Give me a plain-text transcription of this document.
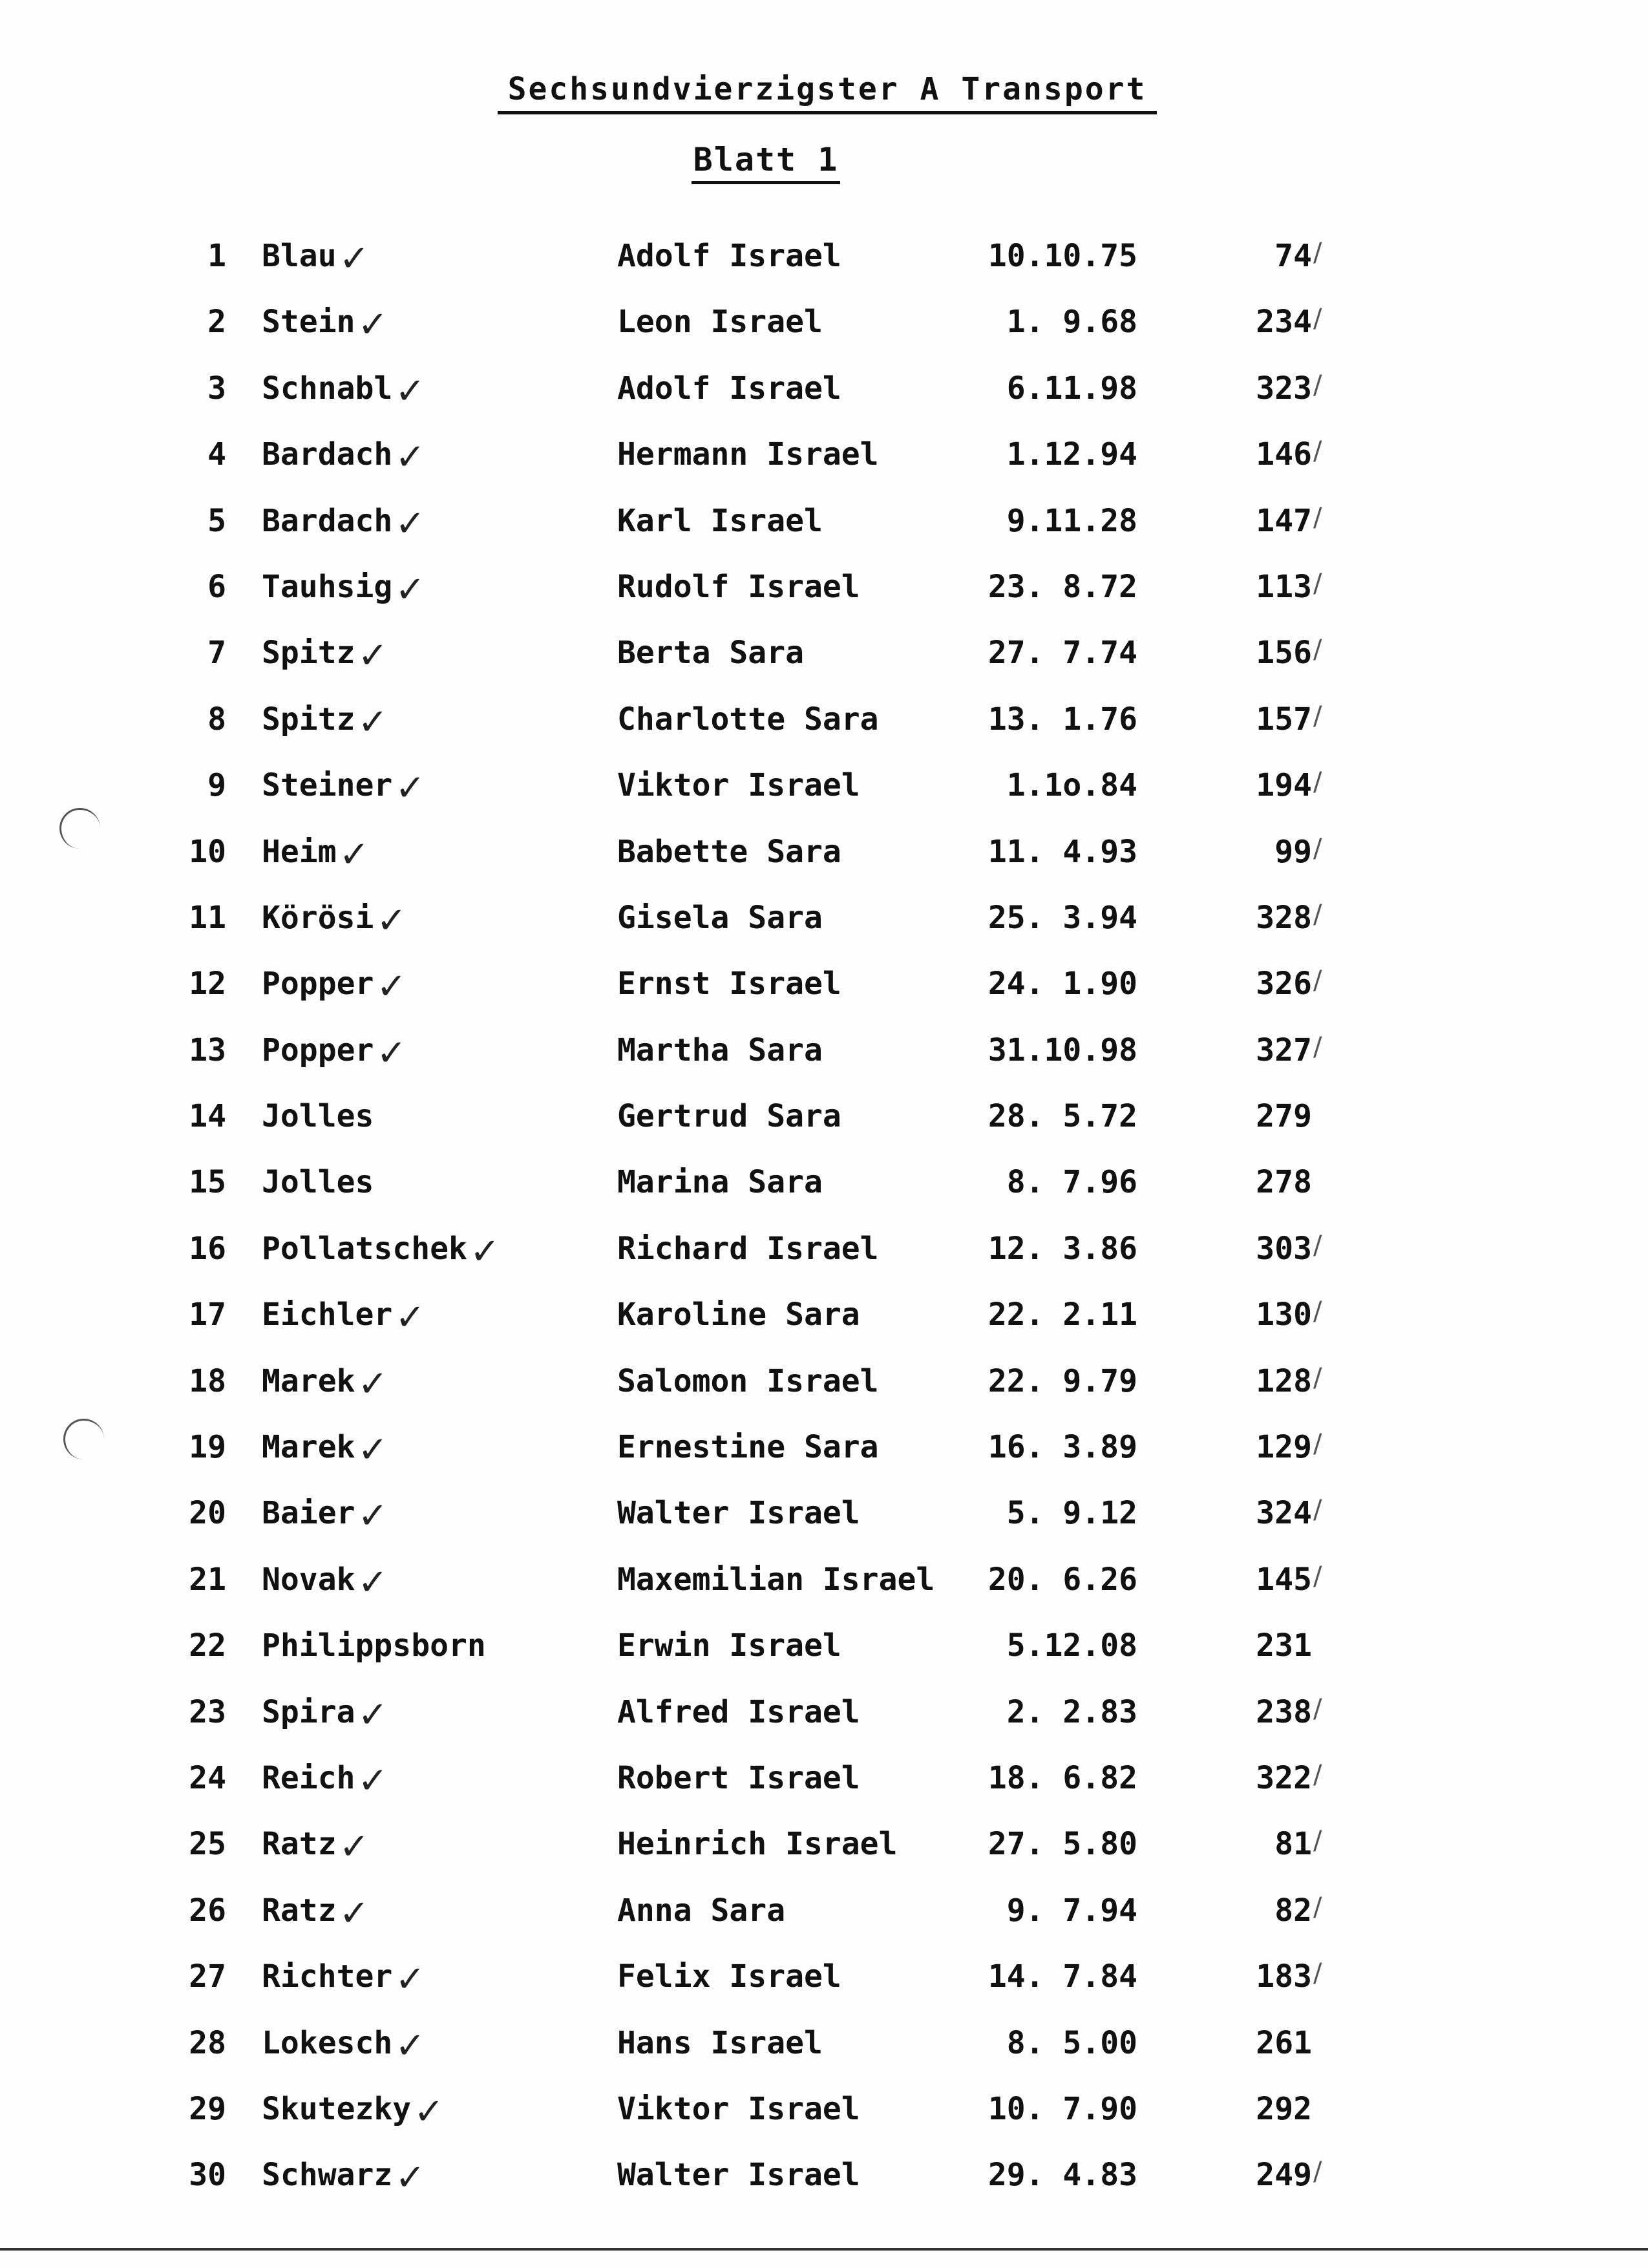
Sechsundvierzigster A Transport
Blatt 1
1 Blau ✓	Adolf Israel	10.10.75	74 /
2 Stein ✓	Leon Israel	1. 9.68	234 /
3 Schnabl ✓	Adolf Israel	6.11.98	323 /
4 Bardach ✓	Hermann Israel	1.12.94	146 /
5 Bardach ✓	Karl Israel	9.11.28	147 /
6 Tauhsig ✓	Rudolf Israel	23. 8.72	113 /
7 Spitz ✓	Berta Sara	27. 7.74	156 /
8 Spitz ✓	Charlotte Sara	13. 1.76	157 /
9 Steiner ✓	Viktor Israel	1.1o.84	194 /
10 Heim ✓	Babette Sara	11. 4.93	99 /
11 Körösi ✓	Gisela Sara	25. 3.94	328 /
12 Popper ✓	Ernst Israel	24. 1.90	326 /
13 Popper ✓	Martha Sara	31.10.98	327 /
14 Jolles	Gertrud Sara	28. 5.72	279
15 Jolles	Marina Sara	8. 7.96	278
16 Pollatschek ✓	Richard Israel	12. 3.86	303 /
17 Eichler ✓	Karoline Sara	22. 2.11	130 /
18 Marek ✓	Salomon Israel	22. 9.79	128 /
19 Marek ✓	Ernestine Sara	16. 3.89	129 /
20 Baier ✓	Walter Israel	5. 9.12	324 /
21 Novak ✓	Maxemilian Israel	20. 6.26	145 /
22 Philippsborn	Erwin Israel	5.12.08	231
23 Spira ✓	Alfred Israel	2. 2.83	238 /
24 Reich ✓	Robert Israel	18. 6.82	322 /
25 Ratz ✓	Heinrich Israel	27. 5.80	81 /
26 Ratz ✓	Anna Sara	9. 7.94	82 /
27 Richter ✓	Felix Israel	14. 7.84	183 /
28 Lokesch ✓	Hans Israel	8. 5.00	261
29 Skutezky ✓	Viktor Israel	10. 7.90	292
30 Schwarz ✓	Walter Israel	29. 4.83	249 /
